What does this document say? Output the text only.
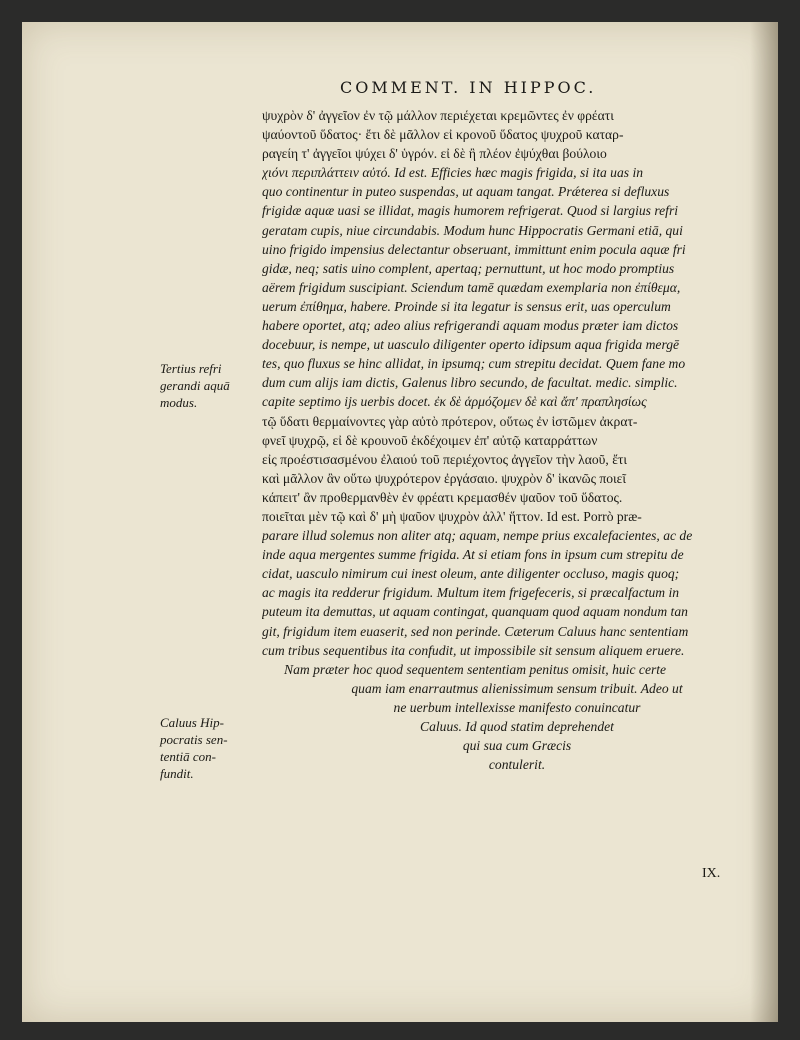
COMMENT. IN HIPPOC.
Tertius refri
gerandi aquā
modus.
Caluus Hip-
pocratis sen-
tentiā con-
fundit.
ψυχρὸν δ' ἀγγεῖον ἐν τῷ μάλλον περιέχεται κρεμῶντες ἐν φρέατι
ψαύοντοῦ ὕδατος· ἔτι δὲ μᾶλλον εἰ κρονοῦ ὕδατος ψυχροῦ καταρ-
ραγείη τ' ἀγγεῖοι ψύχει δ' ὑγρόν. εἰ δὲ ἢ πλέον ἐψύχθαι βούλοιο
χιόνι περιπλάττειν αὐτό. Id est. Efficies hæc magis frigida, si ita uas in
quo continentur in puteo suspendas, ut aquam tangat. Prǽterea si defluxus
frigidæ aquæ uasi se illidat, magis humorem refrigerat. Quod si largius refri
geratam cupis, niue circundabis. Modum hunc Hippocratis Germani etiā, qui
uino frigido impensius delectantur obseruant, immittunt enim pocula aquæ fri
gidæ, neq; satis uino complent, apertaq; pernuttunt, ut hoc modo promptius
aërem frigidum suscipiant. Sciendum tamē quædam exemplaria non ἐπίθεμα,
uerum ἐπίθημα, habere. Proinde si ita legatur is sensus erit, uas operculum
habere oportet, atq; adeo alius refrigerandi aquam modus præter iam dictos
docebuur, is nempe, ut uasculo diligenter operto idipsum aqua frigida mergē
tes, quo fluxus se hinc allidat, in ipsumq; cum strepitu decidat. Quem fane mo
dum cum alijs iam dictis, Galenus libro secundo, de facultat. medic. simplic.
capite septimo ijs uerbis docet. ἐκ δὲ ἁρμόζομεν δὲ καὶ ἄπ' πραπλησίως
τῷ ὕδατι θερμαίνοντες γὰρ αὐτὸ πρότερον, οὕτως ἐν ἱστῶμεν ἀκρατ-
φνεῖ ψυχρῷ, εἰ δὲ κρουνοῦ ἐκδέχοιμεν ἐπ' αὐτῷ καταρράττων
εἰς προέστισασμένου ἐλαιού τοῦ περιέχοντος ἀγγεῖον τὴν λαοῦ, ἔτι
καὶ μᾶλλον ἂν οὕτω ψυχρότερον ἐργάσαιο. ψυχρὸν δ' ἱκανῶς ποιεῖ
κάπειτ' ἂν προθερμανθὲν ἐν φρέατι κρεμασθέν ψαῦον τοῦ ὕδατος.
ποιεῖται μὲν τῷ καὶ δ' μὴ ψαῦον ψυχρὸν ἀλλ' ἥττον. Id est. Porrò præ-
parare illud solemus non aliter atq; aquam, nempe prius excalefacientes, ac de
inde aqua mergentes summe frigida. At si etiam fons in ipsum cum strepitu de
cidat, uasculo nimirum cui inest oleum, ante diligenter occluso, magis quoq;
ac magis ita redderur frigidum. Multum item frigefeceris, si præcalfactum in
puteum ita demuttas, ut aquam contingat, quanquam quod aquam nondum tan
git, frigidum item euaserit, sed non perinde. Cæterum Caluus hanc sententiam
cum tribus sequentibus ita confudit, ut impossibile sit sensum aliquem eruere.
Nam præter hoc quod sequentem sententiam penitus omisit, huic certe
quam iam enarrautmus alienissimum sensum tribuit. Adeo ut
ne uerbum intellexisse manifesto conuincatur
Caluus. Id quod statim deprehendet
qui sua cum Græcis
contulerit.
IX.
